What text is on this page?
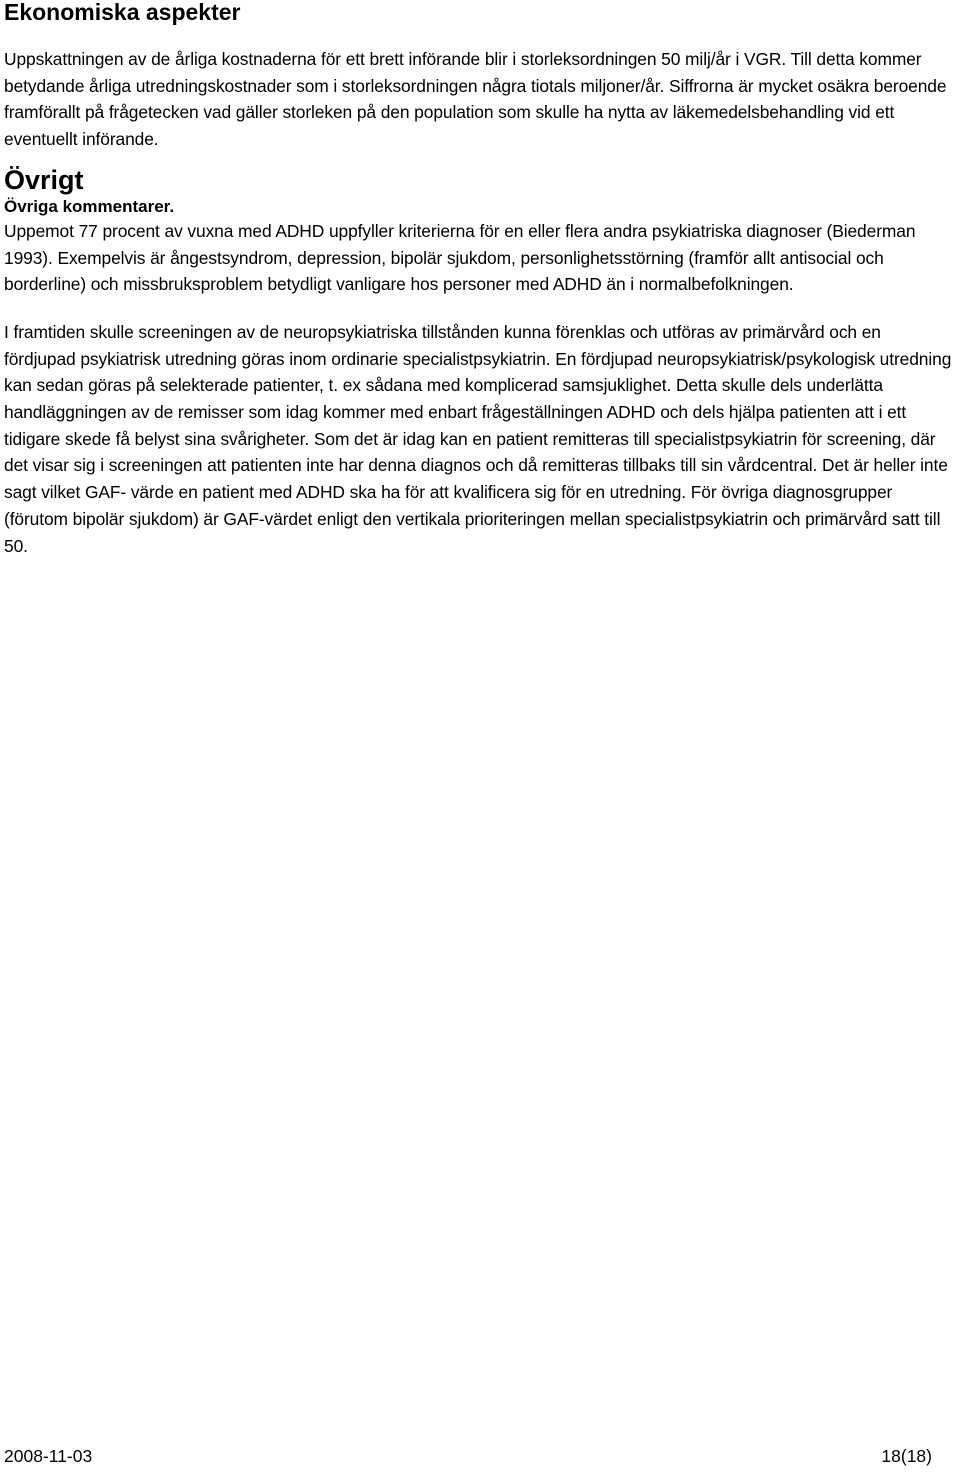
Ekonomiska aspekter

Uppskattningen av de årliga kostnaderna för ett brett införande blir i storleksordningen 50 milj/år i VGR. Till detta kommer betydande årliga utredningskostnader som i storleksordningen några tiotals miljoner/år. Siffrorna är mycket osäkra beroende framförallt på frågetecken vad gäller storleken på den population som skulle ha nytta av läkemedelsbehandling vid ett eventuellt införande.

Övrigt
Övriga kommentarer.

Uppemot 77 procent av vuxna med ADHD uppfyller kriterierna för en eller flera andra psykiatriska diagnoser (Biederman 1993). Exempelvis är ångestsyndrom, depression, bipolär sjukdom, personlighetsstörning (framför allt antisocial och borderline) och missbruksproblem betydligt vanligare hos personer med ADHD än i normalbefolkningen.

I framtiden skulle screeningen av de neuropsykiatriska tillstånden kunna förenklas och utföras av primärvård och en fördjupad psykiatrisk utredning göras inom ordinarie specialistpsykiatrin. En fördjupad neuropsykiatrisk/psykologisk utredning kan sedan göras på selekterade patienter, t. ex sådana med komplicerad samsjuklighet. Detta skulle dels underlätta handläggningen av de remisser som idag kommer med enbart frågeställningen ADHD och dels hjälpa patienten att i ett tidigare skede få belyst sina svårigheter. Som det är idag kan en patient remitteras till specialistpsykiatrin för screening, där det visar sig i screeningen att patienten inte har denna diagnos och då remitteras tillbaks till sin vårdcentral. Det är heller inte sagt vilket GAF- värde en patient med ADHD ska ha för att kvalificera sig för en utredning. För övriga diagnosgrupper (förutom bipolär sjukdom) är GAF-värdet enligt den vertikala prioriteringen mellan specialistpsykiatrin och primärvård satt till 50.

2008-11-03	18(18)
